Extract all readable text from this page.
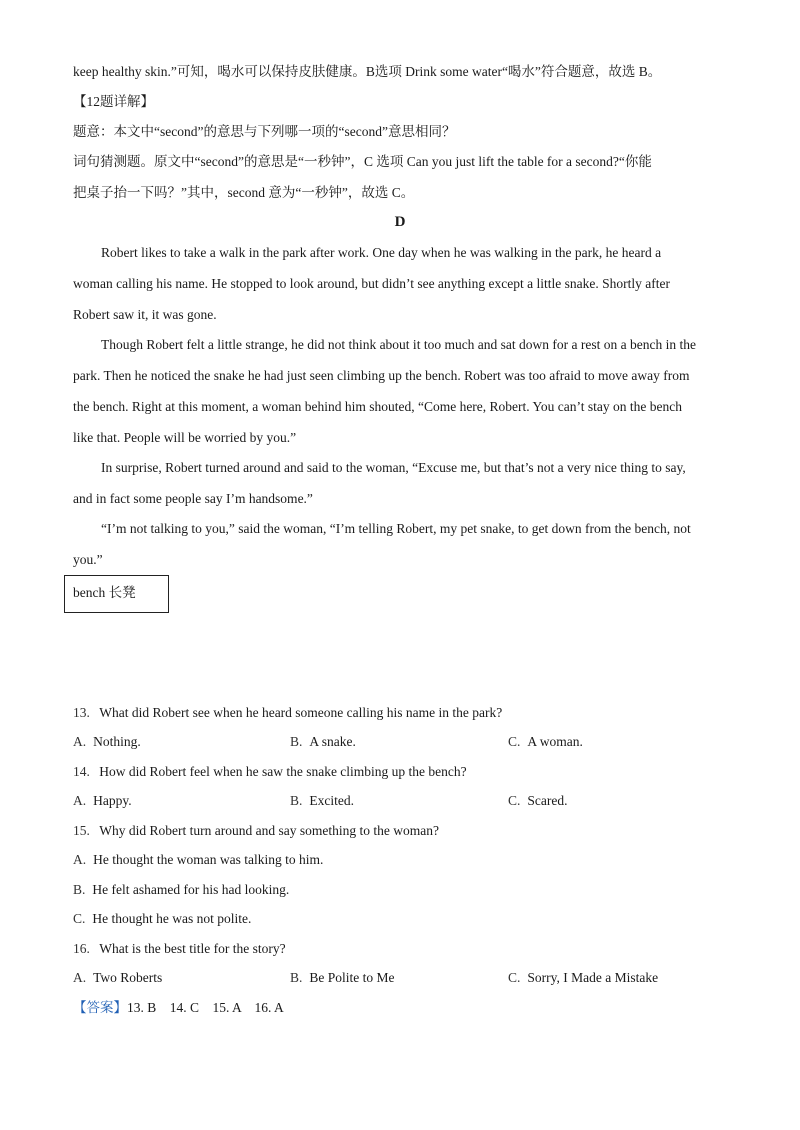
keep healthy skin.”可知，喝水可以保持皮肤健康。B选项 Drink some water“喝水”符合题意，故选 B。
【12题详解】
题意：本文中“second”的意思与下列哪一项的“second”意思相同？
词句猜测题。原文中“second”的意思是“一秒钟”，C 选项 Can you just lift the table for a second?“你能
把桌子抬一下吗？”其中，second 意为“一秒钟”，故选 C。
D
Robert likes to take a walk in the park after work. One day when he was walking in the park, he heard a
woman calling his name. He stopped to look around, but didn’t see anything except a little snake. Shortly after
Robert saw it, it was gone.
Though Robert felt a little strange, he did not think about it too much and sat down for a rest on a bench in the
park. Then he noticed the snake he had just seen climbing up the bench. Robert was too afraid to move away from
the bench. Right at this moment, a woman behind him shouted, “Come here, Robert. You can’t stay on the bench
like that. People will be worried by you.”
In surprise, Robert turned around and said to the woman, “Excuse me, but that’s not a very nice thing to say,
and in fact some people say I’m handsome.”
“I’m not talking to you,” said the woman, “I’m telling Robert, my pet snake, to get down from the bench, not
you.”
bench 长凳
13. What did Robert see when he heard someone calling his name in the park?
A. Nothing.	B. A snake.	C. A woman.
14. How did Robert feel when he saw the snake climbing up the bench?
A. Happy.	B. Excited.	C. Scared.
15. Why did Robert turn around and say something to the woman?
A. He thought the woman was talking to him.
B. He felt ashamed for his had looking.
C. He thought he was not polite.
16. What is the best title for the story?
A. Two Roberts	B. Be Polite to Me	C. Sorry, I Made a Mistake
【答案】13. B    14. C    15. A    16. A
